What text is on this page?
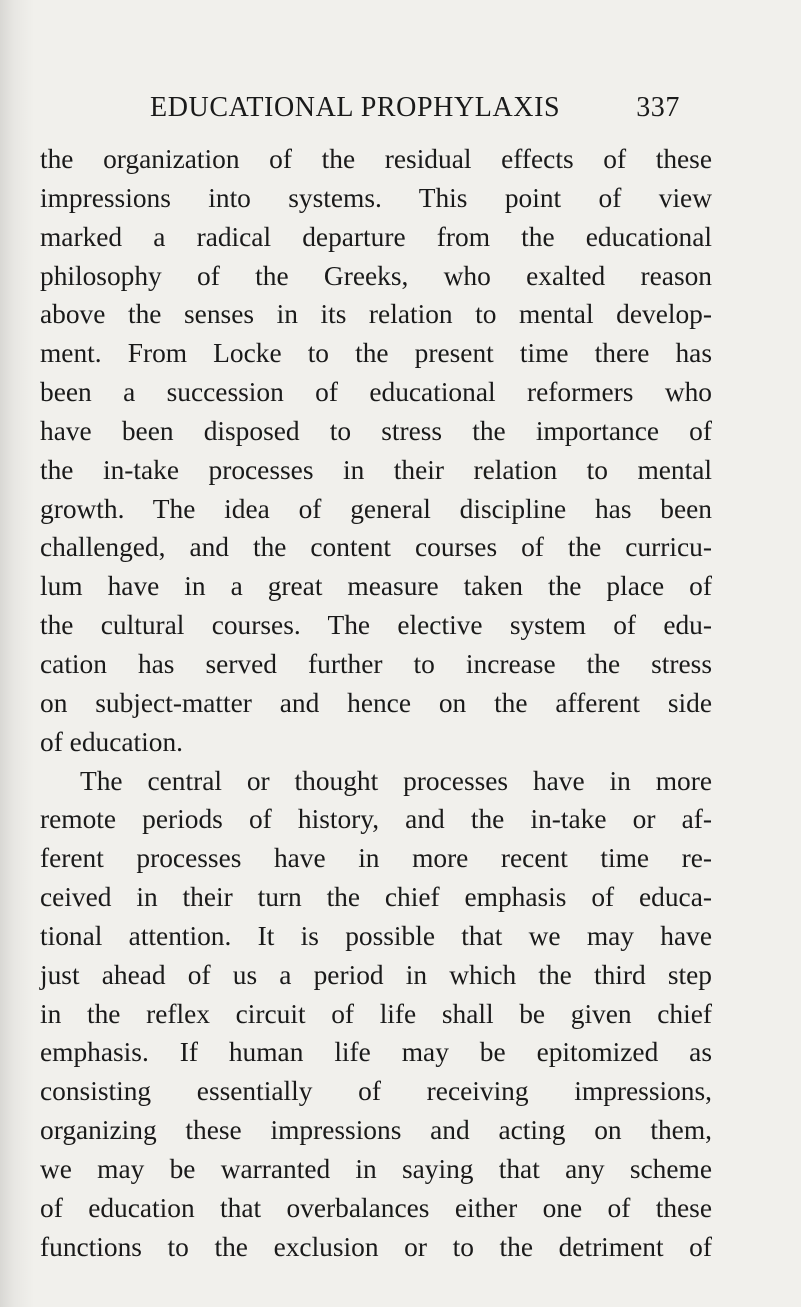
EDUCATIONAL PROPHYLAXIS	337
the organization of the residual effects of these
impressions into systems. This point of view
marked a radical departure from the educational
philosophy of the Greeks, who exalted reason
above the senses in its relation to mental develop-
ment. From Locke to the present time there has
been a succession of educational reformers who
have been disposed to stress the importance of
the in-take processes in their relation to mental
growth. The idea of general discipline has been
challenged, and the content courses of the curricu-
lum have in a great measure taken the place of
the cultural courses. The elective system of edu-
cation has served further to increase the stress
on subject-matter and hence on the afferent side
of education.
The central or thought processes have in more
remote periods of history, and the in-take or af-
ferent processes have in more recent time re-
ceived in their turn the chief emphasis of educa-
tional attention. It is possible that we may have
just ahead of us a period in which the third step
in the reflex circuit of life shall be given chief
emphasis. If human life may be epitomized as
consisting essentially of receiving impressions,
organizing these impressions and acting on them,
we may be warranted in saying that any scheme
of education that overbalances either one of these
functions to the exclusion or to the detriment of
